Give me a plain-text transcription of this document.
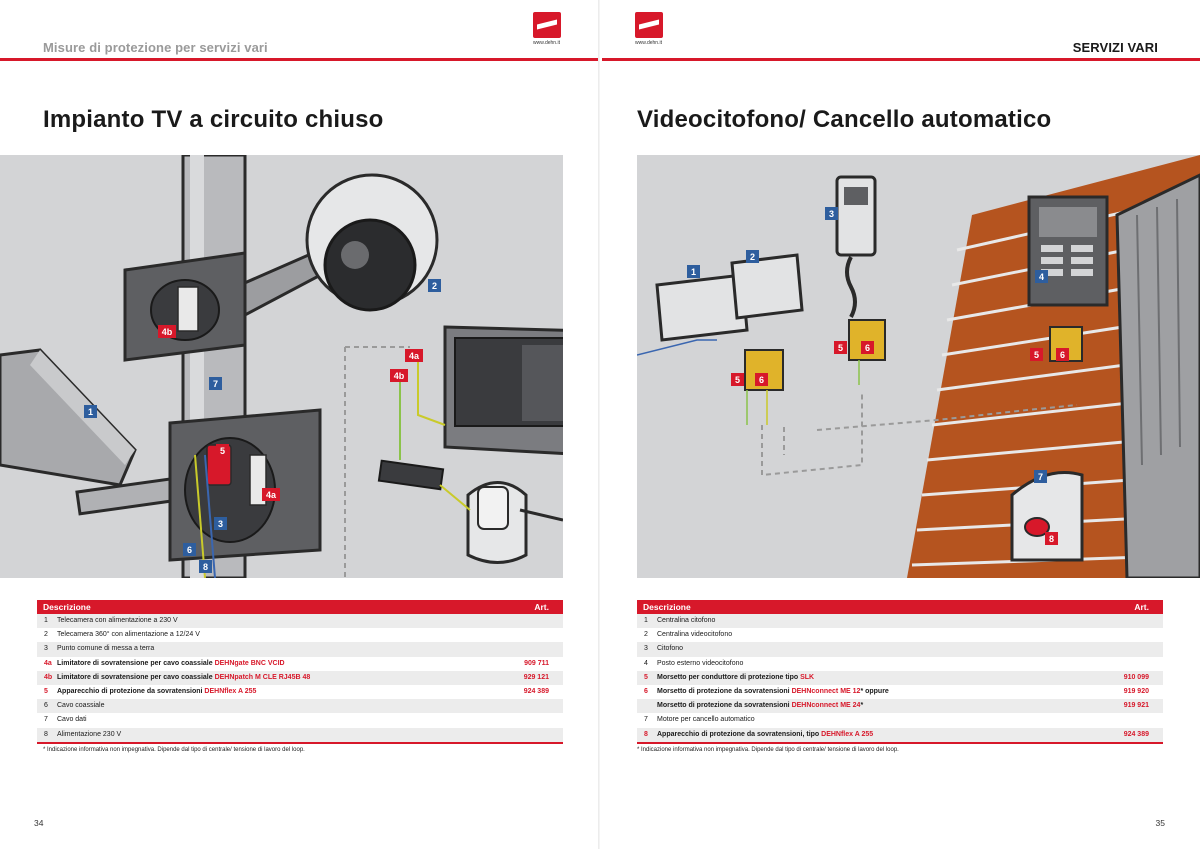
Misure di protezione per servizi vari	www.dehn.it
Impianto TV a circuito chiuso
1
2
3
4a
4a
4b
4b
5
6
7
8
Descrizione	Art.
1	Telecamera con alimentazione a 230 V
2	Telecamera 360° con alimentazione a 12/24 V
3	Punto comune di messa a terra
4a Limitatore di sovratensione per cavo coassiale DEHNgate BNC VCID	909 711
4b Limitatore di sovratensione per cavo coassiale DEHNpatch M CLE RJ45B 48	929 121
5	Apparecchio di protezione da sovratensioni DEHNflex A 255	924 389
6	Cavo coassiale
7	Cavo dati
8	Alimentazione 230 V
* Indicazione informativa non impegnativa. Dipende dal tipo di centrale/ tensione di lavoro del loop.
34
www.dehn.it	SERVIZI VARI
Videocitofono/ Cancello automatico
1
2
3
4
5 6
5 6
5 6
7
8
Descrizione	Art.
1	Centralina citofono
2	Centralina videocitofono
3	Citofono
4	Posto esterno videocitofono
5	Morsetto per conduttore di protezione tipo SLK	910 099
6	Morsetto di protezione da sovratensioni DEHNconnect ME 12* oppure	919 920
Morsetto di protezione da sovratensioni DEHNconnect ME 24*	919 921
7	Motore per cancello automatico
8	Apparecchio di protezione da sovratensioni, tipo DEHNflex A 255	924 389
* Indicazione informativa non impegnativa. Dipende dal tipo di centrale/ tensione di lavoro del loop.
35
